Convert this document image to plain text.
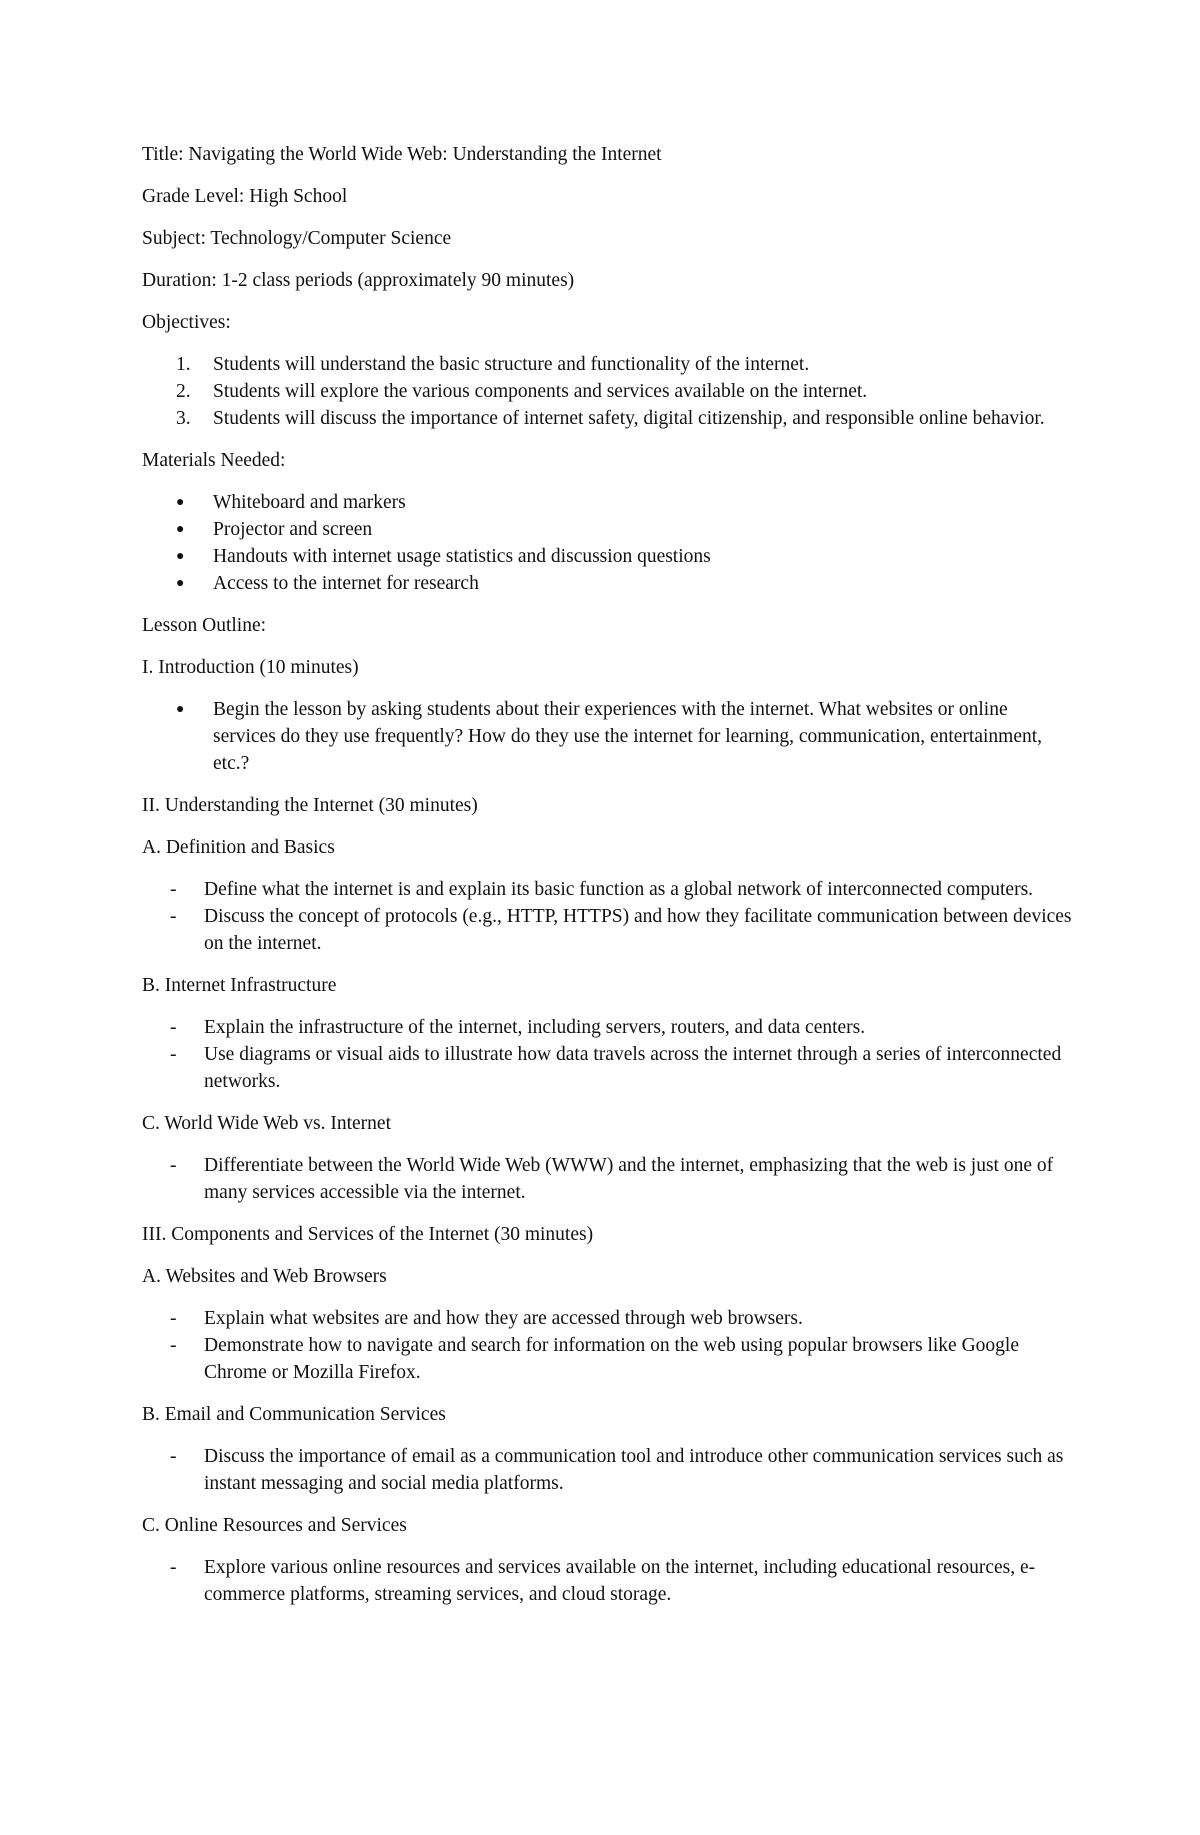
Title: Navigating the World Wide Web: Understanding the Internet

Grade Level: High School

Subject: Technology/Computer Science

Duration: 1-2 class periods (approximately 90 minutes)

Objectives:

1. Students will understand the basic structure and functionality of the internet.
2. Students will explore the various components and services available on the internet.
3. Students will discuss the importance of internet safety, digital citizenship, and responsible online behavior.

Materials Needed:

● Whiteboard and markers
● Projector and screen
● Handouts with internet usage statistics and discussion questions
● Access to the internet for research

Lesson Outline:

I. Introduction (10 minutes)

● Begin the lesson by asking students about their experiences with the internet. What websites or online services do they use frequently? How do they use the internet for learning, communication, entertainment, etc.?

II. Understanding the Internet (30 minutes)

A. Definition and Basics

- Define what the internet is and explain its basic function as a global network of interconnected computers.
- Discuss the concept of protocols (e.g., HTTP, HTTPS) and how they facilitate communication between devices on the internet.

B. Internet Infrastructure

- Explain the infrastructure of the internet, including servers, routers, and data centers.
- Use diagrams or visual aids to illustrate how data travels across the internet through a series of interconnected networks.

C. World Wide Web vs. Internet

- Differentiate between the World Wide Web (WWW) and the internet, emphasizing that the web is just one of many services accessible via the internet.

III. Components and Services of the Internet (30 minutes)

A. Websites and Web Browsers

- Explain what websites are and how they are accessed through web browsers.
- Demonstrate how to navigate and search for information on the web using popular browsers like Google Chrome or Mozilla Firefox.

B. Email and Communication Services

- Discuss the importance of email as a communication tool and introduce other communication services such as instant messaging and social media platforms.

C. Online Resources and Services

- Explore various online resources and services available on the internet, including educational resources, e-commerce platforms, streaming services, and cloud storage.
